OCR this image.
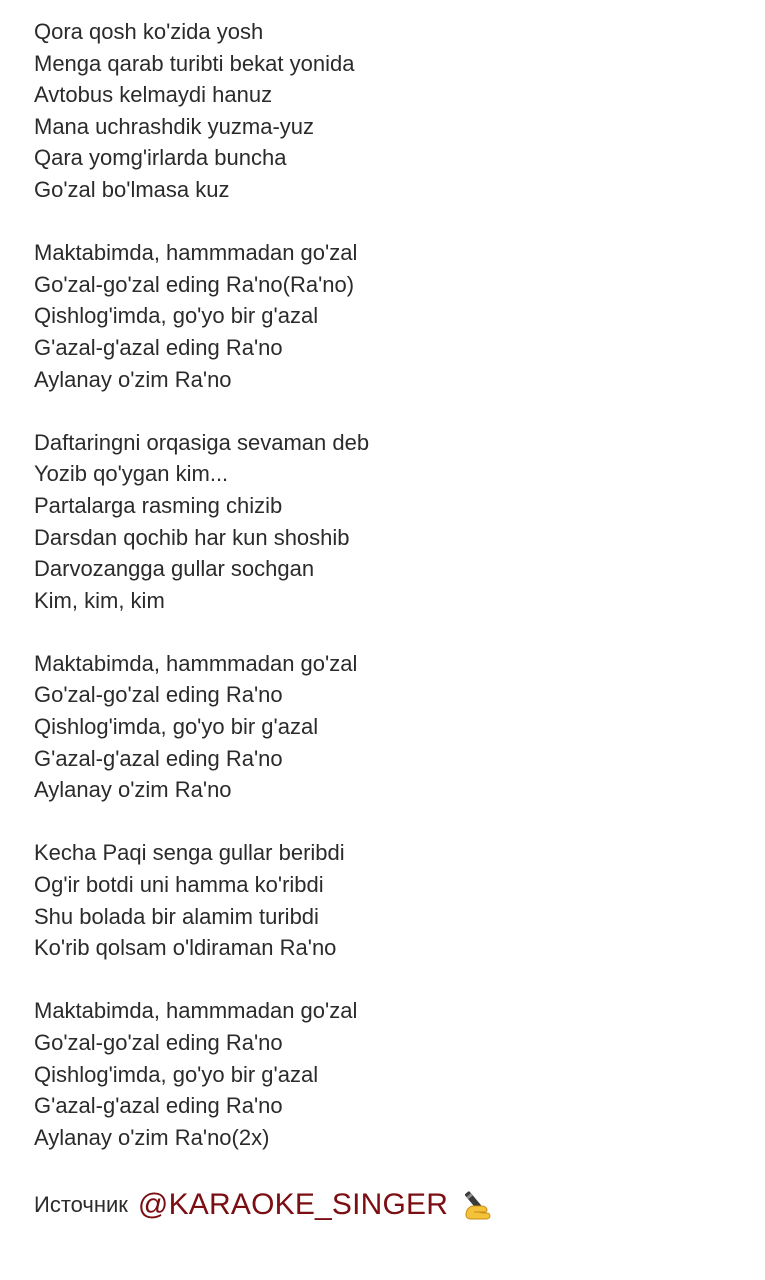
Qora qosh ko'zida yosh
Menga qarab turibti bekat yonida
Avtobus kelmaydi hanuz
Mana uchrashdik yuzma-yuz
Qara yomg'irlarda buncha
Go'zal bo'lmasa kuz
Maktabimda, hammmadan go'zal
Go'zal-go'zal eding Ra'no(Ra'no)
Qishlog'imda, go'yo bir g'azal
G'azal-g'azal eding Ra'no
Aylanay o'zim Ra'no
Daftaringni orqasiga sevaman deb
Yozib qo'ygan kim...
Partalarga rasming chizib
Darsdan qochib har kun shoshib
Darvozangga gullar sochgan
Kim, kim, kim
Maktabimda, hammmadan go'zal
Go'zal-go'zal eding Ra'no
Qishlog'imda, go'yo bir g'azal
G'azal-g'azal eding Ra'no
Aylanay o'zim Ra'no
Kecha Paqi senga gullar beribdi
Og'ir botdi uni hamma ko'ribdi
Shu bolada bir alamim turibdi
Ko'rib qolsam o'ldiraman Ra'no
Maktabimda, hammmadan go'zal
Go'zal-go'zal eding Ra'no
Qishlog'imda, go'yo bir g'azal
G'azal-g'azal eding Ra'no
Aylanay o'zim Ra'no(2x)
Источник @KARAOKE_SINGER
